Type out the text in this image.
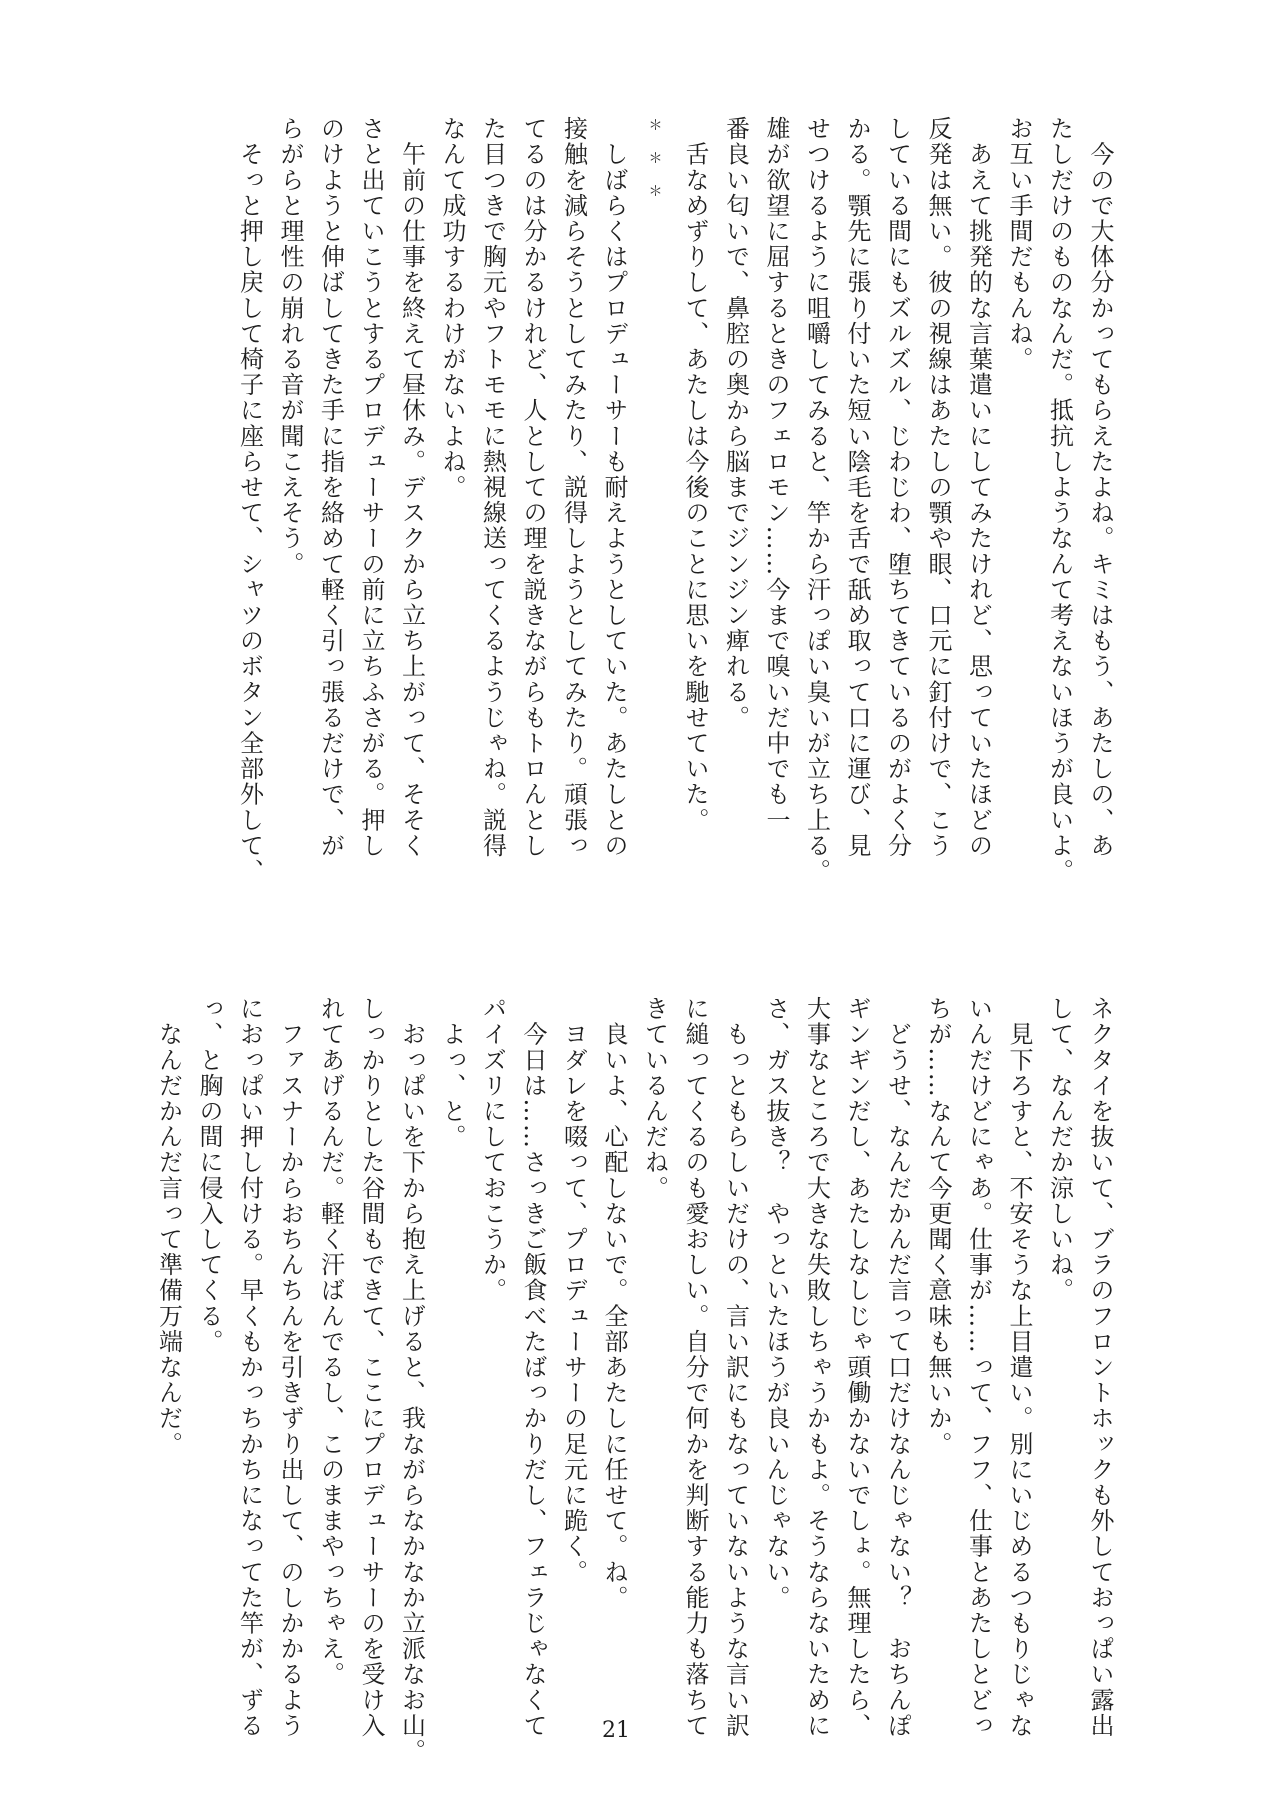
　今ので大体分かってもらえたよね。キミはもう、あたしの、あ
たしだけのものなんだ。抵抗しようなんて考えないほうが良いよ。
お互い手間だもんね。
　あえて挑発的な言葉遣いにしてみたけれど、思っていたほどの
反発は無い。彼の視線はあたしの顎や眼、口元に釘付けで、こう
している間にもズルズル、じわじわ、堕ちてきているのがよく分
かる。顎先に張り付いた短い陰毛を舌で舐め取って口に運び、見
せつけるように咀嚼してみると、竿から汗っぽい臭いが立ち上る。
雄が欲望に屈するときのフェロモン……今まで嗅いだ中でも一
番良い匂いで、鼻腔の奥から脳までジンジン痺れる。
　舌なめずりして、あたしは今後のことに思いを馳せていた。
＊＊＊
　しばらくはプロデューサーも耐えようとしていた。あたしとの
接触を減らそうとしてみたり、説得しようとしてみたり。頑張っ
てるのは分かるけれど、人としての理を説きながらもトロんとし
た目つきで胸元やフトモモに熱視線送ってくるようじゃね。説得
なんて成功するわけがないよね。
　午前の仕事を終えて昼休み。デスクから立ち上がって、そそく
さと出ていこうとするプロデューサーの前に立ちふさがる。押し
のけようと伸ばしてきた手に指を絡めて軽く引っ張るだけで、が
らがらと理性の崩れる音が聞こえそう。
　そっと押し戻して椅子に座らせて、シャツのボタン全部外して、
ネクタイを抜いて、ブラのフロントホックも外しておっぱい露出
して、なんだか涼しいね。
　見下ろすと、不安そうな上目遣い。別にいじめるつもりじゃな
いんだけどにゃあ。仕事が……って、フフ、仕事とあたしとどっ
ちが……なんて今更聞く意味も無いか。
　どうせ、なんだかんだ言って口だけなんじゃない？　おちんぽ
ギンギンだし、あたしなしじゃ頭働かないでしょ。無理したら、
大事なところで大きな失敗しちゃうかもよ。そうならないために
さ、ガス抜き？　やっといたほうが良いんじゃない。
　もっともらしいだけの、言い訳にもなっていないような言い訳
に縋ってくるのも愛おしい。自分で何かを判断する能力も落ちて
きているんだね。
　良いよ、心配しないで。全部あたしに任せて。ね。
　ヨダレを啜って、プロデューサーの足元に跪く。
　今日は……さっきご飯食べたばっかりだし、フェラじゃなくて
パイズリにしておこうか。
　よっ、と。
　おっぱいを下から抱え上げると、我ながらなかなか立派なお山。
しっかりとした谷間もできて、ここにプロデューサーのを受け入
れてあげるんだ。軽く汗ばんでるし、このままやっちゃえ。
　ファスナーからおちんちんを引きずり出して、のしかかるよう
におっぱい押し付ける。早くもかっちかちになってた竿が、ずる
っ、と胸の間に侵入してくる。
　なんだかんだ言って準備万端なんだ。
21
